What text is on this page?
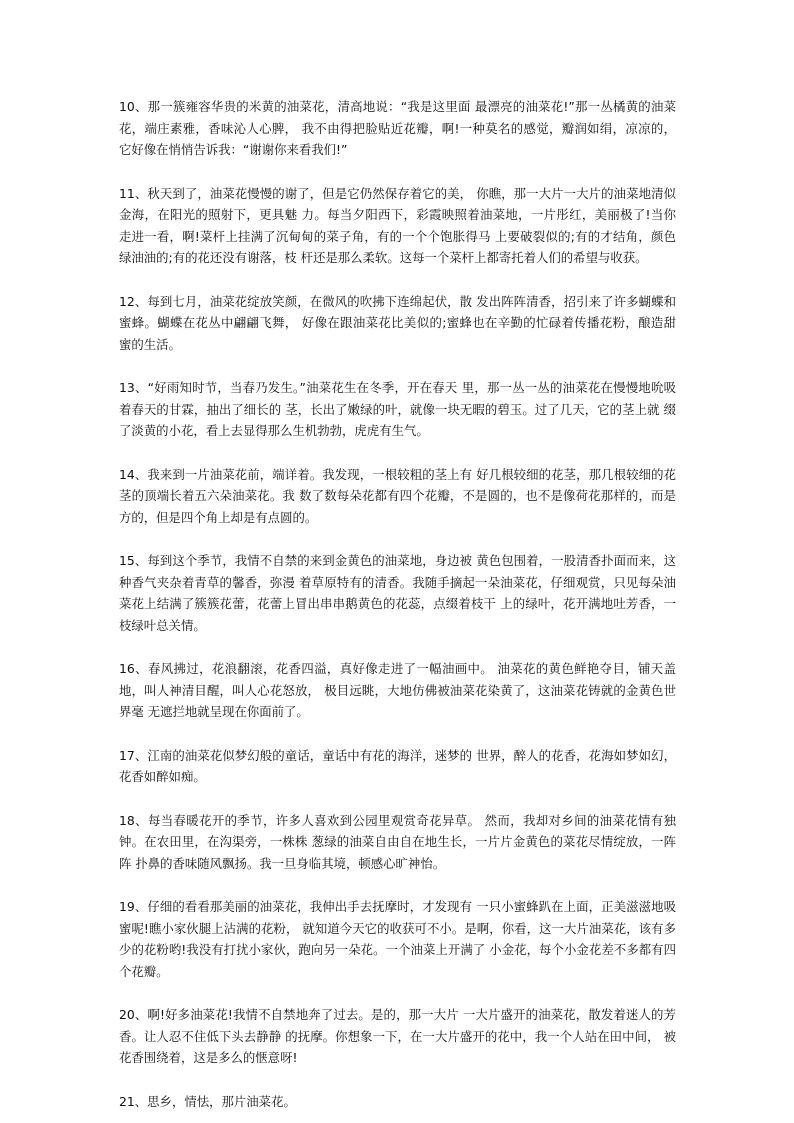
10、那一簇雍容华贵的米黄的油菜花，清高地说：“我是这里面 最漂亮的油菜花!”那一丛橘黄的油菜花，端庄素雅，香味沁人心脾， 我不由得把脸贴近花瓣，啊!一种莫名的感觉，瓣润如绢，凉凉的， 它好像在悄悄告诉我：“谢谢你来看我们!”

11、秋天到了，油菜花慢慢的谢了，但是它仍然保存着它的美， 你瞧，那一大片一大片的油菜地清似金海，在阳光的照射下，更具魅 力。每当夕阳西下，彩霞映照着油菜地，一片彤红，美丽极了!当你 走进一看，啊!菜杆上挂满了沉甸甸的菜子角，有的一个个饱胀得马 上要破裂似的;有的才结角，颜色绿油油的;有的花还没有谢落，枝 杆还是那么柔软。这每一个菜杆上都寄托着人们的希望与收获。

12、每到七月，油菜花绽放笑颜，在微风的吹拂下连绵起伏，散 发出阵阵清香，招引来了许多蝴蝶和蜜蜂。蝴蝶在花丛中翩翩飞舞， 好像在跟油菜花比美似的;蜜蜂也在辛勤的忙碌着传播花粉，酿造甜 蜜的生活。

13、“好雨知时节，当春乃发生。”油菜花生在冬季，开在春天 里，那一丛一丛的油菜花在慢慢地吮吸着春天的甘霖，抽出了细长的 茎，长出了嫩绿的叶，就像一块无暇的碧玉。过了几天，它的茎上就 缀了淡黄的小花，看上去显得那么生机勃勃，虎虎有生气。

14、我来到一片油菜花前，端详着。我发现，一根较粗的茎上有 好几根较细的花茎，那几根较细的花茎的顶端长着五六朵油菜花。我 数了数每朵花都有四个花瓣，不是圆的，也不是像荷花那样的，而是 方的，但是四个角上却是有点圆的。

15、每到这个季节，我情不自禁的来到金黄色的油菜地，身边被 黄色包围着，一股清香扑面而来，这种香气夹杂着青草的馨香，弥漫 着草原特有的清香。我随手摘起一朵油菜花，仔细观赏，只见每朵油 菜花上结满了簇簇花蕾，花蕾上冒出串串鹅黄色的花蕊，点缀着枝干 上的绿叶，花开满地吐芳香，一枝绿叶总关情。

16、春风拂过，花浪翻滚，花香四溢，真好像走进了一幅油画中。 油菜花的黄色鲜艳夺目，铺天盖地，叫人神清目醒，叫人心花怒放， 极目远眺，大地仿佛被油菜花染黄了，这油菜花铸就的金黄色世界毫 无遮拦地就呈现在你面前了。

17、江南的油菜花似梦幻般的童话，童话中有花的海洋，迷梦的 世界，醉人的花香，花海如梦如幻，花香如醉如痴。

18、每当春暖花开的季节，许多人喜欢到公园里观赏奇花异草。 然而，我却对乡间的油菜花情有独钟。在农田里，在沟渠旁，一株株 葱绿的油菜自由自在地生长，一片片金黄色的菜花尽情绽放，一阵阵 扑鼻的香味随风飘扬。我一旦身临其境，顿感心旷神怡。

19、仔细的看看那美丽的油菜花，我伸出手去抚摩时，才发现有 一只小蜜蜂趴在上面，正美滋滋地吸蜜呢!瞧小家伙腿上沾满的花粉， 就知道今天它的收获可不小。是啊，你看，这一大片油菜花，该有多 少的花粉哟!我没有打扰小家伙，跑向另一朵花。一个油菜上开满了 小金花，每个小金花差不多都有四个花瓣。

20、啊!好多油菜花!我情不自禁地奔了过去。是的，那一大片 一大片盛开的油菜花，散发着迷人的芳香。让人忍不住低下头去静静 的抚摩。你想象一下，在一大片盛开的花中，我一个人站在田中间， 被花香围绕着，这是多么的惬意呀!

21、思乡，情怯，那片油菜花。
